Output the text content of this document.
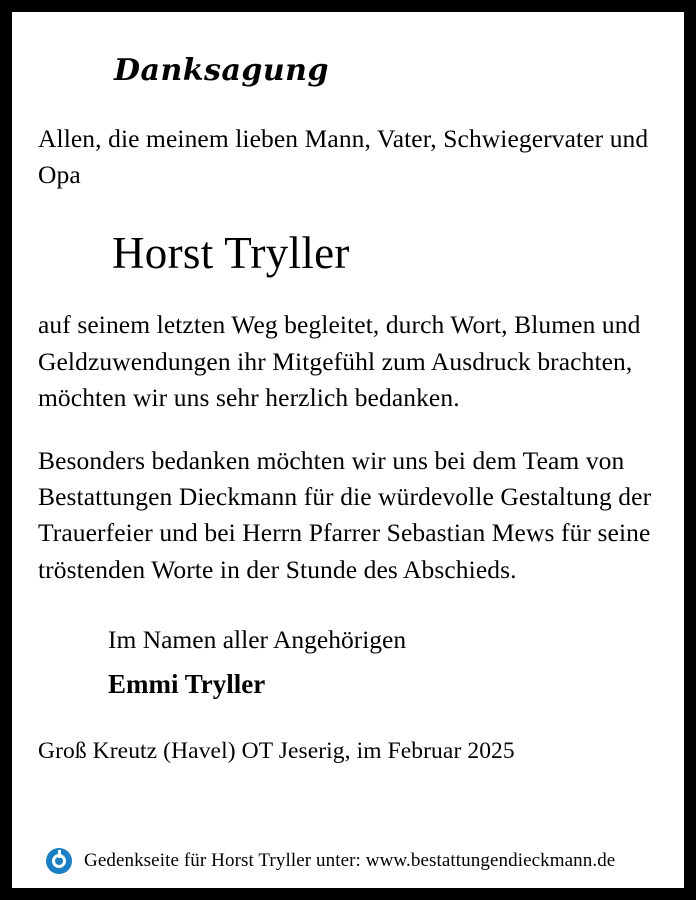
Danksagung

Allen, die meinem lieben Mann, Vater, Schwiegervater und Opa

Horst Tryller

auf seinem letzten Weg begleitet, durch Wort, Blumen und Geldzuwendungen ihr Mitgefühl zum Ausdruck brachten, möchten wir uns sehr herzlich bedanken.

Besonders bedanken möchten wir uns bei dem Team von Bestattungen Dieckmann für die würdevolle Gestaltung der Trauerfeier und bei Herrn Pfarrer Sebastian Mews für seine tröstenden Worte in der Stunde des Abschieds.

Im Namen aller Angehörigen
Emmi Tryller
Groß Kreutz (Havel) OT Jeserig, im Februar 2025
Gedenkseite für Horst Tryller unter: www.bestattungendieckmann.de
